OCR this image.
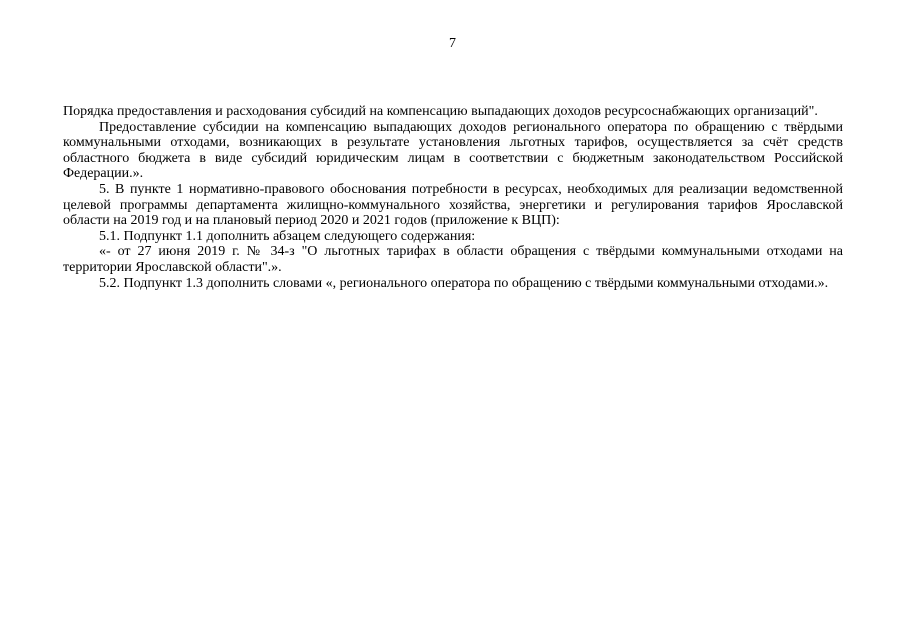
7

Порядка предоставления и расходования субсидий на компенсацию выпадающих доходов ресурсоснабжающих организаций".

Предоставление субсидии на компенсацию выпадающих доходов регионального оператора по обращению с твёрдыми коммунальными отходами, возникающих в результате установления льготных тарифов, осуществляется за счёт средств областного бюджета в виде субсидий юридическим лицам в соответствии с бюджетным законодательством Российской Федерации.».

5. В пункте 1 нормативно-правового обоснования потребности в ресурсах, необходимых для реализации ведомственной целевой программы департамента жилищно-коммунального хозяйства, энергетики и регулирования тарифов Ярославской области на 2019 год и на плановый период 2020 и 2021 годов (приложение к ВЦП):

5.1. Подпункт 1.1 дополнить абзацем следующего содержания:

«- от 27 июня 2019 г. № 34-з "О льготных тарифах в области обращения с твёрдыми коммунальными отходами на территории Ярославской области".».

5.2. Подпункт 1.3 дополнить словами «, регионального оператора по обращению с твёрдыми коммунальными отходами.».
